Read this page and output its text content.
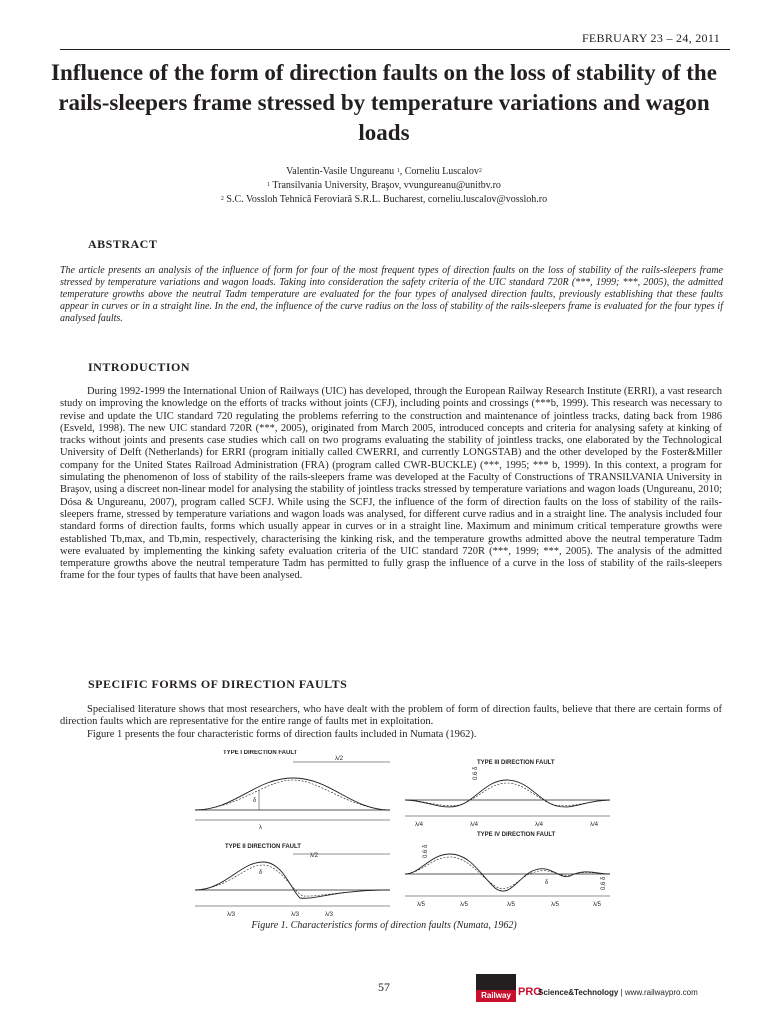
FEBRUARY 23 – 24, 2011
Influence of the form of direction faults on the loss of stability of the rails-sleepers frame stressed by temperature variations and wagon loads
Valentin-Vasile Ungureanu $^1$, Corneliu Luscalov$^2$
$^1$ Transilvania University, Braşov, vvungureanu@unitbv.ro
$^2$ S.C. Vossloh Tehnică Feroviară S.R.L. Bucharest, corneliu.luscalov@vossloh.ro
ABSTRACT
The article presents an analysis of the influence of form for four of the most frequent types of direction faults on the loss of stability of the rails-sleepers frame stressed by temperature variations and wagon loads. Taking into consideration the safety criteria of the UIC standard 720R (***, 1999; ***, 2005), the admitted temperature growths above the neutral Tadm temperature are evaluated for the four types of analysed direction faults, previously establishing that these faults appear in curves or in a straight line. In the end, the influence of the curve radius on the loss of stability of the rails-sleepers frame is evaluated for the four types if analysed faults.
INTRODUCTION

During 1992-1999 the International Union of Railways (UIC) has developed, through the European Railway Research Institute (ERRI), a vast research study on improving the knowledge on the efforts of tracks without joints (CFJ), including points and crossings (***b, 1999). This research was necessary to revise and update the UIC standard 720 regulating the problems referring to the construction and maintenance of jointless tracks, dating back from 1986 (Esveld, 1998). The new UIC standard 720R (***, 2005), originated from March 2005, introduced concepts and criteria for analysing safety at kinking of tracks without joints and presents case studies which call on two programs evaluating the stability of jointless tracks, one elaborated by the Technological University of Delft (Netherlands) for ERRI (program initially called CWERRI, and currently LONGSTAB) and the other developed by the Foster&Miller company for the United States Railroad Administration (FRA) (program called CWR-BUCKLE) (***, 1995; *** b, 1999). In this context, a program for simulating the phenomenon of loss of stability of the rails-sleepers frame was developed at the Faculty of Constructions of TRANSILVANIA University in Braşov, using a discreet non-linear model for analysing the stability of jointless tracks stressed by temperature variations and wagon loads (Ungureanu, 2010; Dósa & Ungureanu, 2007), program called SCFJ. While using the SCFJ, the influence of the form of direction faults on the loss of stability of the rails-sleepers frame, stressed by temperature variations and wagon loads was analysed, for different curve radius and in a straight line. The analysis included four standard forms of direction faults, forms which usually appear in curves or in a straight line. Maximum and minimum critical temperature growths were established Tb,max, and Tb,min, respectively, characterising the kinking risk, and the temperature growths admitted above the neutral temperature Tadm were evaluated by implementing the kinking safety evaluation criteria of the UIC standard 720R (***, 1999; ***, 2005). The analysis of the admitted temperature growths above the neutral temperature Tadm has permitted to fully grasp the influence of a curve in the loss of stability of the rails-sleepers frame for the four types of faults that have been analysed.

SPECIFIC FORMS OF DIRECTION FAULTS

Specialised literature shows that most researchers, who have dealt with the problem of form of direction faults, believe that there are certain forms of direction faults which are representative for the entire range of faults met in exploitation.

Figure 1 presents the four characteristic forms of direction faults included in Numata (1962).

TYPE I DIRECTION FAULT
λ/2
δ
λ
TYPE II DIRECTION FAULT
λ/2
δ
λ/3	λ/3	λ/3
TYPE III DIRECTION FAULT
0.6 δ
λ/4	λ/4	λ/4	λ/4
TYPE IV DIRECTION FAULT
0.6 δ
δ	0.6 δ
λ/5	λ/5	λ/5	λ/5	λ/5
Figure 1. Characteristics forms of direction faults (Numata, 1962)
57
Railway PRO
Science&Technology | www.railwaypro.com
